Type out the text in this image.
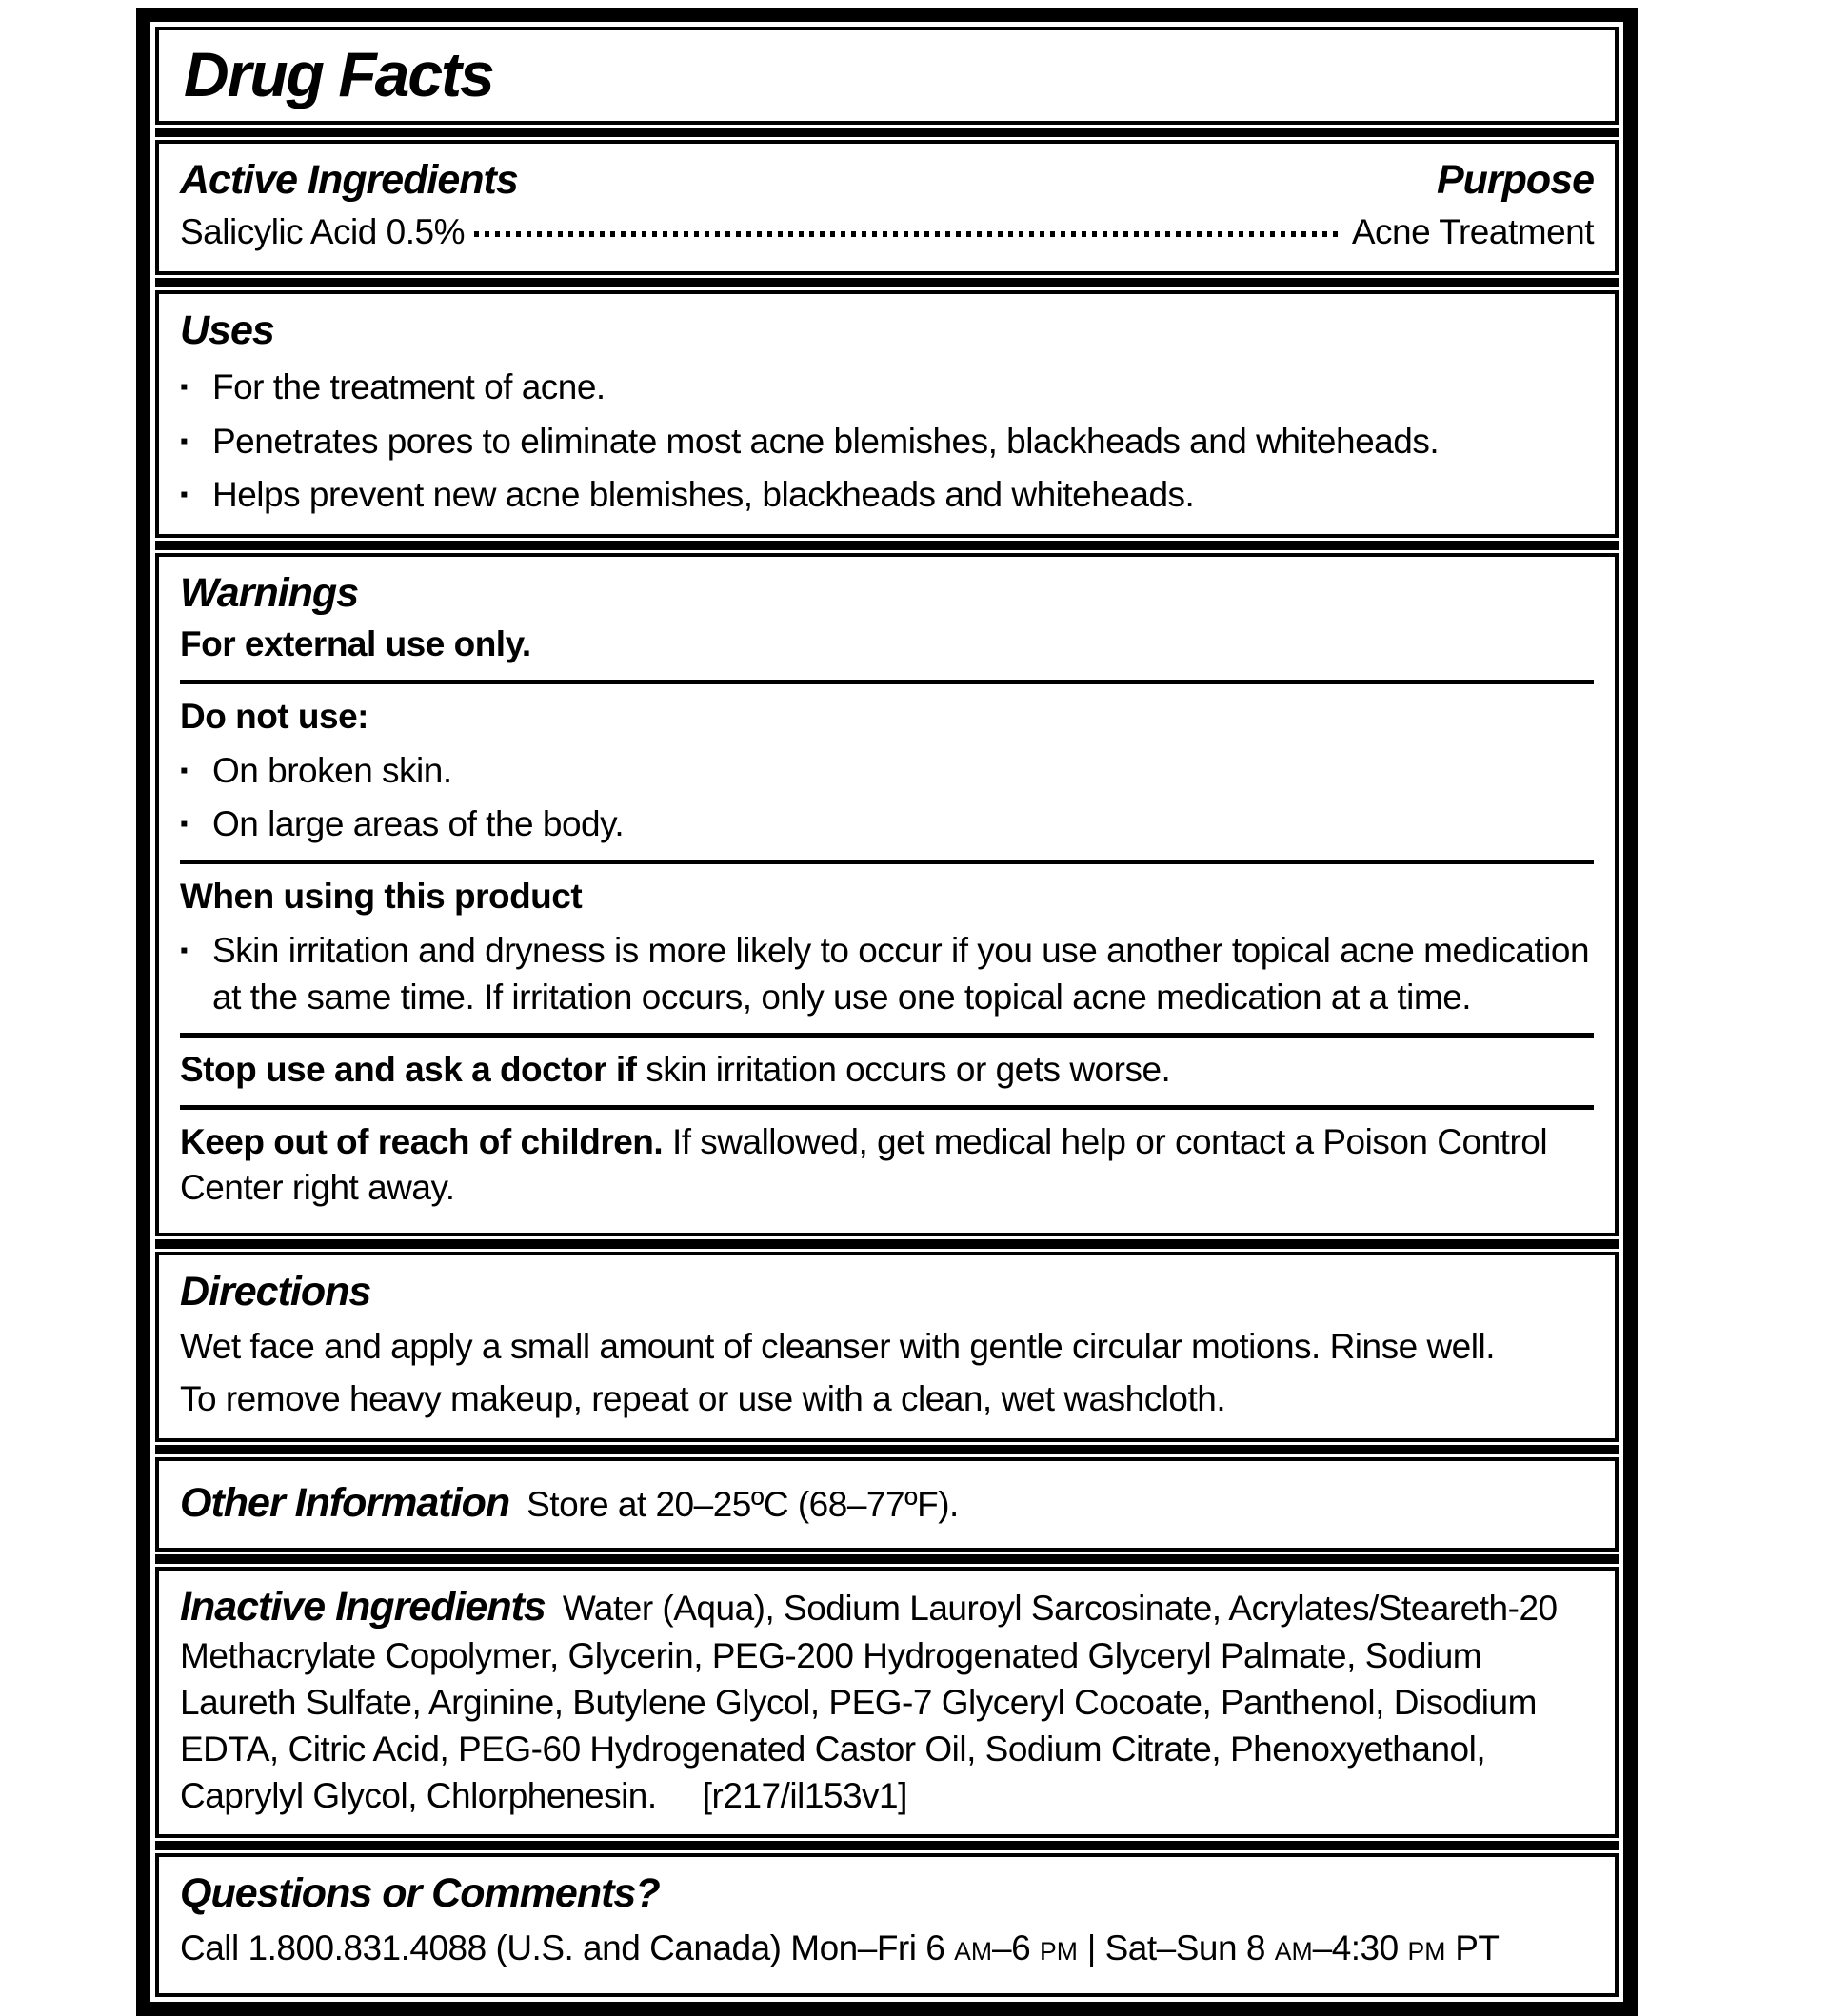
Drug Facts
Active Ingredients	Purpose
Salicylic Acid 0.5%	Acne Treatment
Uses
▪ For the treatment of acne.
▪ Penetrates pores to eliminate most acne blemishes, blackheads and whiteheads.
▪ Helps prevent new acne blemishes, blackheads and whiteheads.
Warnings
For external use only.
Do not use:
▪ On broken skin.
▪ On large areas of the body.
When using this product
▪ Skin irritation and dryness is more likely to occur if you use another topical acne medication at the same time. If irritation occurs, only use one topical acne medication at a time.
Stop use and ask a doctor if skin irritation occurs or gets worse.
Keep out of reach of children. If swallowed, get medical help or contact a Poison Control Center right away.
Directions
Wet face and apply a small amount of cleanser with gentle circular motions. Rinse well.
To remove heavy makeup, repeat or use with a clean, wet washcloth.
Other Information Store at 20–25ºC (68–77ºF).
Inactive Ingredients Water (Aqua), Sodium Lauroyl Sarcosinate, Acrylates/Steareth-20 Methacrylate Copolymer, Glycerin, PEG-200 Hydrogenated Glyceryl Palmate, Sodium Laureth Sulfate, Arginine, Butylene Glycol, PEG-7 Glyceryl Cocoate, Panthenol, Disodium EDTA, Citric Acid, PEG-60 Hydrogenated Castor Oil, Sodium Citrate, Phenoxyethanol, Caprylyl Glycol, Chlorphenesin. [r217/il153v1]
Questions or Comments?
Call 1.800.831.4088 (U.S. and Canada) Mon–Fri 6 AM–6 PM | Sat–Sun 8 AM–4:30 PM PT
